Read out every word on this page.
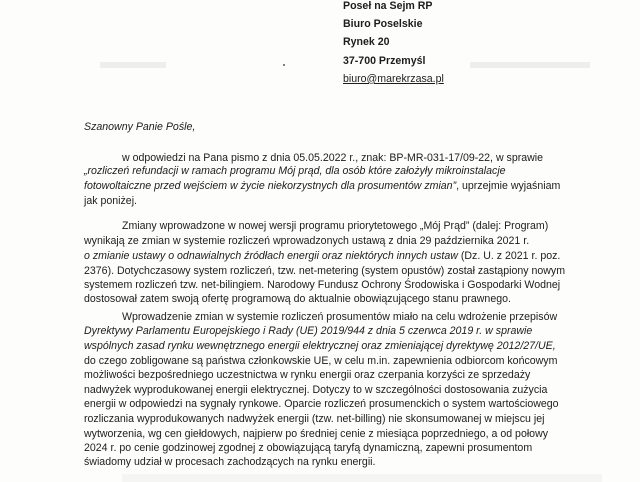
Poseł na Sejm RP
Biuro Poselskie
Rynek 20
37-700 Przemyśl
biuro@marekrzasa.pl
Szanowny Panie Pośle,
w odpowiedzi na Pana pismo z dnia 05.05.2022 r., znak: BP-MR-031-17/09-22, w sprawie
„rozliczeń refundacji w ramach programu Mój prąd, dla osób które założyły mikroinstalacje
fotowoltaiczne przed wejściem w życie niekorzystnych dla prosumentów zmian”, uprzejmie wyjaśniam
jak poniżej.
Zmiany wprowadzone w nowej wersji programu priorytetowego „Mój Prąd” (dalej: Program)
wynikają ze zmian w systemie rozliczeń wprowadzonych ustawą z dnia 29 października 2021 r.
o zmianie ustawy o odnawialnych źródłach energii oraz niektórych innych ustaw (Dz. U. z 2021 r. poz.
2376). Dotychczasowy system rozliczeń, tzw. net-metering (system opustów) został zastąpiony nowym
systemem rozliczeń tzw. net-bilingiem. Narodowy Fundusz Ochrony Środowiska i Gospodarki Wodnej
dostosował zatem swoją ofertę programową do aktualnie obowiązującego stanu prawnego.
Wprowadzenie zmian w systemie rozliczeń prosumentów miało na celu wdrożenie przepisów
Dyrektywy Parlamentu Europejskiego i Rady (UE) 2019/944 z dnia 5 czerwca 2019 r. w sprawie
wspólnych zasad rynku wewnętrznego energii elektrycznej oraz zmieniającej dyrektywę 2012/27/UE,
do czego zobligowane są państwa członkowskie UE, w celu m.in. zapewnienia odbiorcom końcowym
możliwości bezpośredniego uczestnictwa w rynku energii oraz czerpania korzyści ze sprzedaży
nadwyżek wyprodukowanej energii elektrycznej. Dotyczy to w szczególności dostosowania zużycia
energii w odpowiedzi na sygnały rynkowe. Oparcie rozliczeń prosumenckich o system wartościowego
rozliczania wyprodukowanych nadwyżek energii (tzw. net-billing) nie skonsumowanej w miejscu jej
wytworzenia, wg cen giełdowych, najpierw po średniej cenie z miesiąca poprzedniego, a od połowy
2024 r. po cenie godzinowej zgodnej z obowiązującą taryfą dynamiczną, zapewni prosumentom
świadomy udział w procesach zachodzących na rynku energii.
